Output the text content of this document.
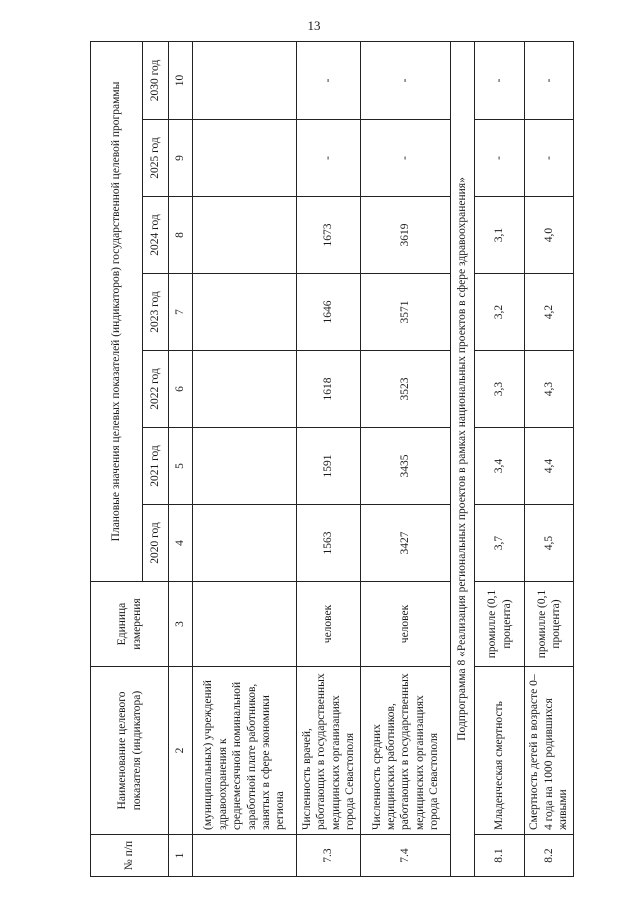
13
№ п/п	Наименование целевого показателя (индикатора)	Единица измерения	Плановые значения целевых показателей (индикаторов) государственной целевой программы						
			2020 год	2021 год	2022 год	2023 год	2024 год	2025 год	2030 год
1	2	3	4	5	6	7	8	9	10
	(муниципальных) учреждений здравоохранения к среднемесячной номинальной заработной плате работников, занятых в сфере экономики региона								
7.3	Численность врачей, работающих в государственных медицинских организациях города Севастополя	человек	1563	1591	1618	1646	1673	-	-
7.4	Численность средних медицинских работников, работающих в государственных медицинских организациях города Севастополя	человек	3427	3435	3523	3571	3619	-	-
Подпрограмма 8 «Реализация региональных проектов в рамках национальных проектов в сфере здравоохранения»									
8.1	Младенческая смертность	промилле (0,1 процента)	3,7	3,4	3,3	3,2	3,1	-	-
8.2	Смертность детей в возрасте 0–4 года на 1000 родившихся живыми	промилле (0,1 процента)	4,5	4,4	4,3	4,2	4,0	-	-
